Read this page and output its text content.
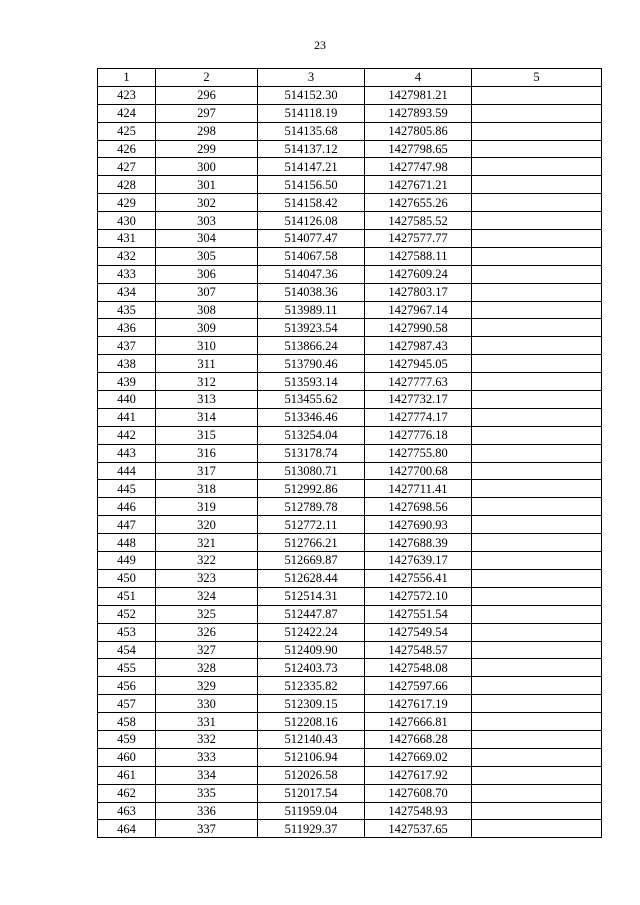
23
1	2	3	4	5
423	296	514152.30	1427981.21	
424	297	514118.19	1427893.59	
425	298	514135.68	1427805.86	
426	299	514137.12	1427798.65	
427	300	514147.21	1427747.98	
428	301	514156.50	1427671.21	
429	302	514158.42	1427655.26	
430	303	514126.08	1427585.52	
431	304	514077.47	1427577.77	
432	305	514067.58	1427588.11	
433	306	514047.36	1427609.24	
434	307	514038.36	1427803.17	
435	308	513989.11	1427967.14	
436	309	513923.54	1427990.58	
437	310	513866.24	1427987.43	
438	311	513790.46	1427945.05	
439	312	513593.14	1427777.63	
440	313	513455.62	1427732.17	
441	314	513346.46	1427774.17	
442	315	513254.04	1427776.18	
443	316	513178.74	1427755.80	
444	317	513080.71	1427700.68	
445	318	512992.86	1427711.41	
446	319	512789.78	1427698.56	
447	320	512772.11	1427690.93	
448	321	512766.21	1427688.39	
449	322	512669.87	1427639.17	
450	323	512628.44	1427556.41	
451	324	512514.31	1427572.10	
452	325	512447.87	1427551.54	
453	326	512422.24	1427549.54	
454	327	512409.90	1427548.57	
455	328	512403.73	1427548.08	
456	329	512335.82	1427597.66	
457	330	512309.15	1427617.19	
458	331	512208.16	1427666.81	
459	332	512140.43	1427668.28	
460	333	512106.94	1427669.02	
461	334	512026.58	1427617.92	
462	335	512017.54	1427608.70	
463	336	511959.04	1427548.93	
464	337	511929.37	1427537.65	
